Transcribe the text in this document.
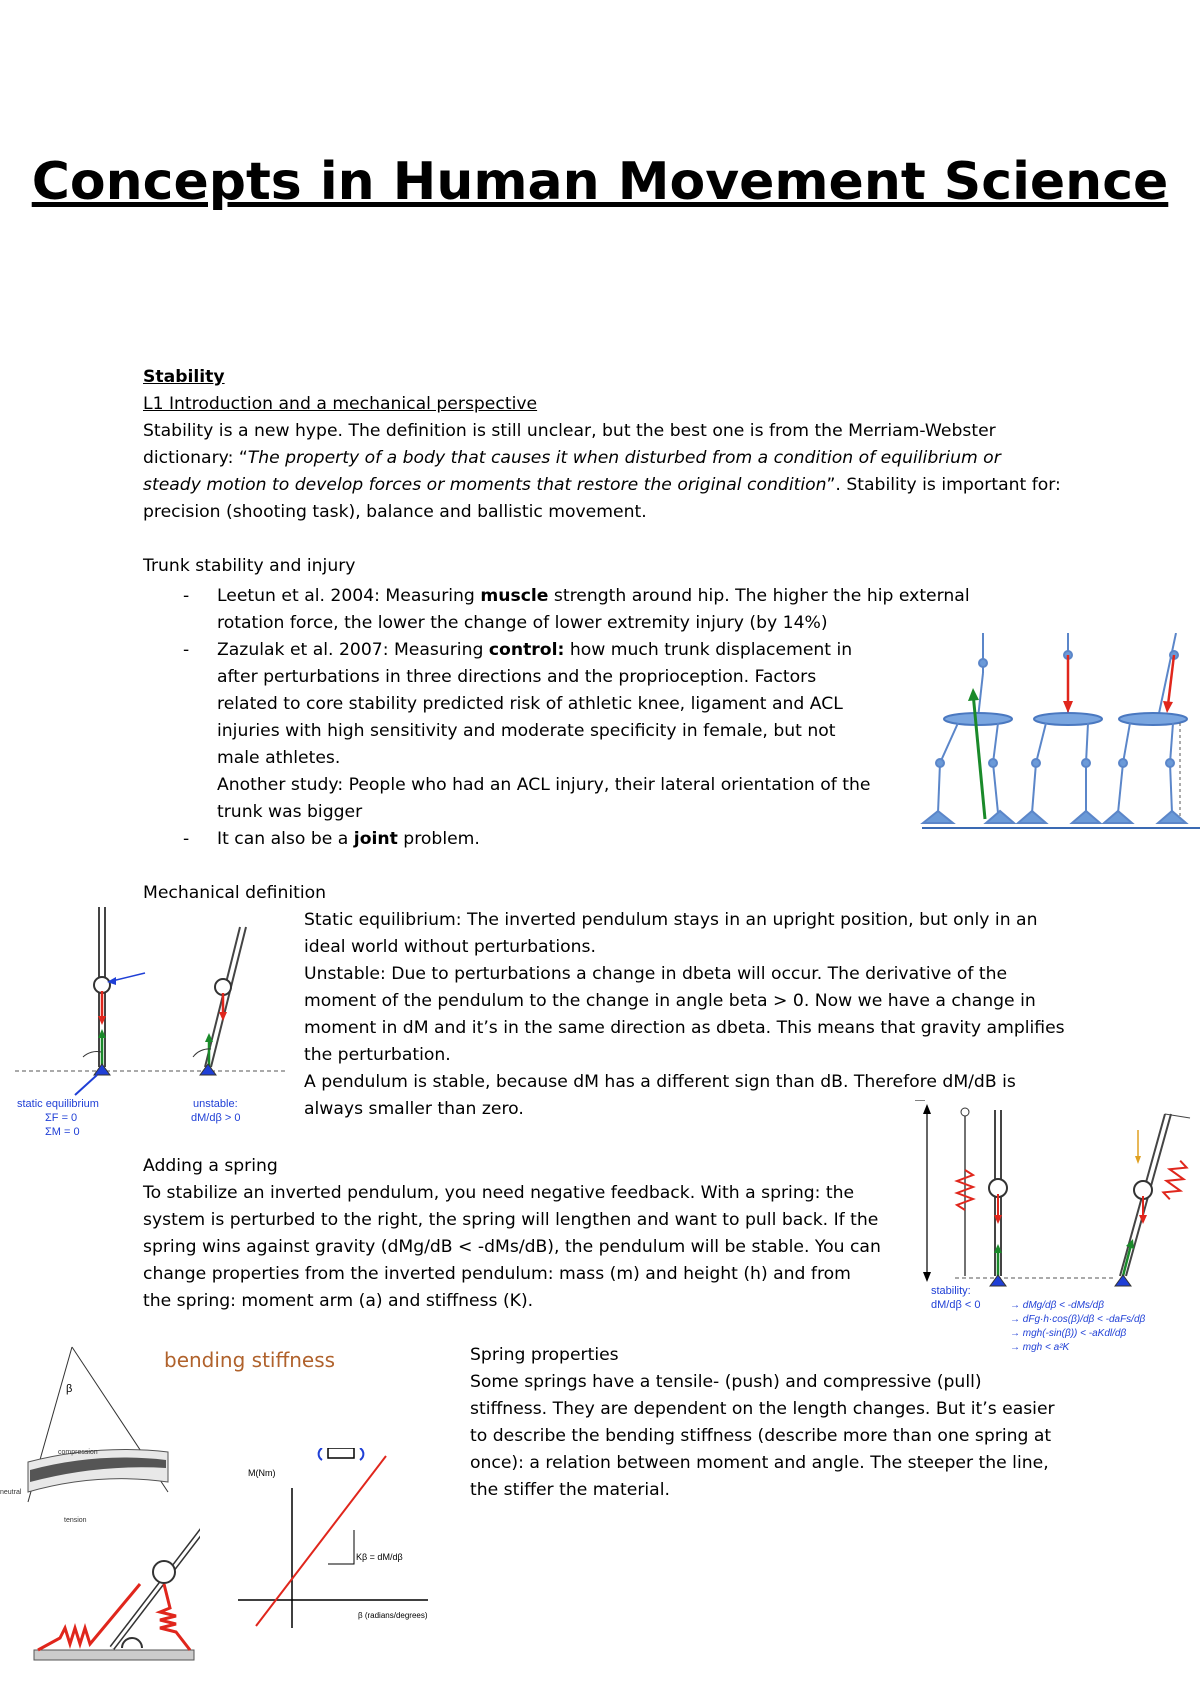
Concepts in Human Movement Science
Stability
L1 Introduction and a mechanical perspective
Stability is a new hype. The definition is still unclear, but the best one is from the Merriam-Webster dictionary: “The property of a body that causes it when disturbed from a condition of equilibrium or steady motion to develop forces or moments that restore the original condition”. Stability is important for: precision (shooting task), balance and ballistic movement.
Trunk stability and injury
- Leetun et al. 2004: Measuring muscle strength around hip. The higher the hip external rotation force, the lower the change of lower extremity injury (by 14%)
- Zazulak et al. 2007: Measuring control: how much trunk displacement in after perturbations in three directions and the proprioception. Factors related to core stability predicted risk of athletic knee, ligament and ACL injuries with high sensitivity and moderate specificity in female, but not male athletes.
Another study: People who had an ACL injury, their lateral orientation of the trunk was bigger
- It can also be a joint problem.
Mechanical definition
Static equilibrium: The inverted pendulum stays in an upright position, but only in an ideal world without perturbations.
Unstable: Due to perturbations a change in dbeta will occur. The derivative of the moment of the pendulum to the change in angle beta > 0. Now we have a change in moment in dM and it’s in the same direction as dbeta. This means that gravity amplifies the perturbation.
A pendulum is stable, because dM has a different sign than dB. Therefore dM/dB is always smaller than zero.
static equilibrium
ΣF = 0
ΣM = 0
unstable:
dM/dβ > 0
Adding a spring
To stabilize an inverted pendulum, you need negative feedback. With a spring: the system is perturbed to the right, the spring will lengthen and want to pull back. If the spring wins against gravity (dMg/dB < -dMs/dB), the pendulum will be stable. You can change properties from the inverted pendulum: mass (m) and height (h) and from the spring: moment arm (a) and stiffness (K).	stability:
dM/dβ < 0	→ dMg/dβ < -dMs/dβ
→ dFg·h·cos(β)/dβ < -daFs/dβ
→ mgh(-sin(β)) < -aKdl/dβ
→ mgh < a²K
bending stiffness
β
compression
neutral
tension
M(Nm)
Kβ = dM/dβ
β (radians/degrees)
Spring properties
Some springs have a tensile- (push) and compressive (pull) stiffness. They are dependent on the length changes. But it’s easier to describe the bending stiffness (describe more than one spring at once): a relation between moment and angle. The steeper the line, the stiffer the material.
